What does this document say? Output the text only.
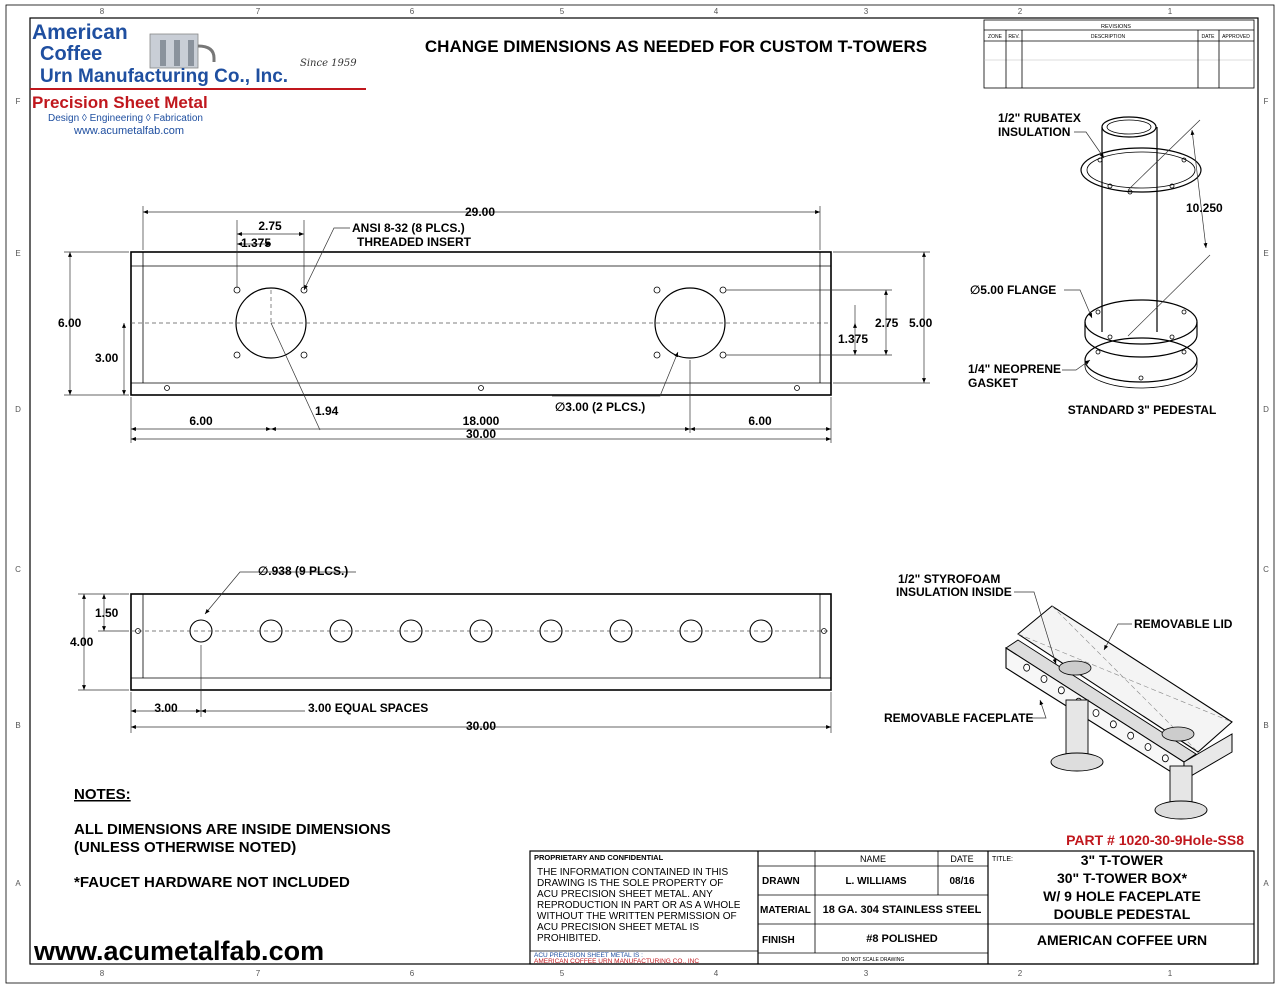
8	7	6	5	4	3	2	1
8	7	6	5	4	3	2	1
F
E
D
C
B
A
F
E
D
C
B
A
American
Coffee
Urn Manufacturing Co., Inc.
Since 1959
Precision Sheet Metal
Design ◊ Engineering ◊ Fabrication
www.acumetalfab.com
CHANGE DIMENSIONS AS NEEDED FOR CUSTOM T-TOWERS
REVISIONS
ZONE REV.	DESCRIPTION	DATE APPROVED
29.00
2.75
1.375
ANSI 8-32 (8 PLCS.)
THREADED INSERT
6.00
3.00
5.00
2.75
1.375
1.94	∅3.00 (2 PLCS.)
6.00	18.000	6.00
30.00
∅.938 (9 PLCS.)
1.50
4.00
3.00	3.00 EQUAL SPACES
30.00
10.250
1/2" RUBATEX
INSULATION
∅5.00 FLANGE
1/4" NEOPRENE
GASKET
STANDARD 3" PEDESTAL
1/2" STYROFOAM
INSULATION INSIDE
REMOVABLE LID
REMOVABLE FACEPLATE
NOTES:
ALL DIMENSIONS ARE INSIDE DIMENSIONS
(UNLESS OTHERWISE NOTED)
*FAUCET HARDWARE NOT INCLUDED
www.acumetalfab.com
PART # 1020-30-9Hole-SS8
PROPRIETARY AND CONFIDENTIAL
THE INFORMATION CONTAINED IN THIS
DRAWING IS THE SOLE PROPERTY OF
ACU PRECISION SHEET METAL. ANY
REPRODUCTION IN PART OR AS A WHOLE
WITHOUT THE WRITTEN PERMISSION OF
ACU PRECISION SHEET METAL IS
PROHIBITED.
ACU PRECISION SHEET METAL IS :
AMERICAN COFFEE URN MANUFACTURING CO., INC
NAME	DATE
DRAWN	L. WILLIAMS	08/16
MATERIAL 18 GA. 304 STAINLESS STEEL
FINISH	#8 POLISHED
DO NOT SCALE DRAWING
TITLE:	3" T-TOWER
30" T-TOWER BOX*
W/ 9 HOLE FACEPLATE
DOUBLE PEDESTAL
AMERICAN COFFEE URN
